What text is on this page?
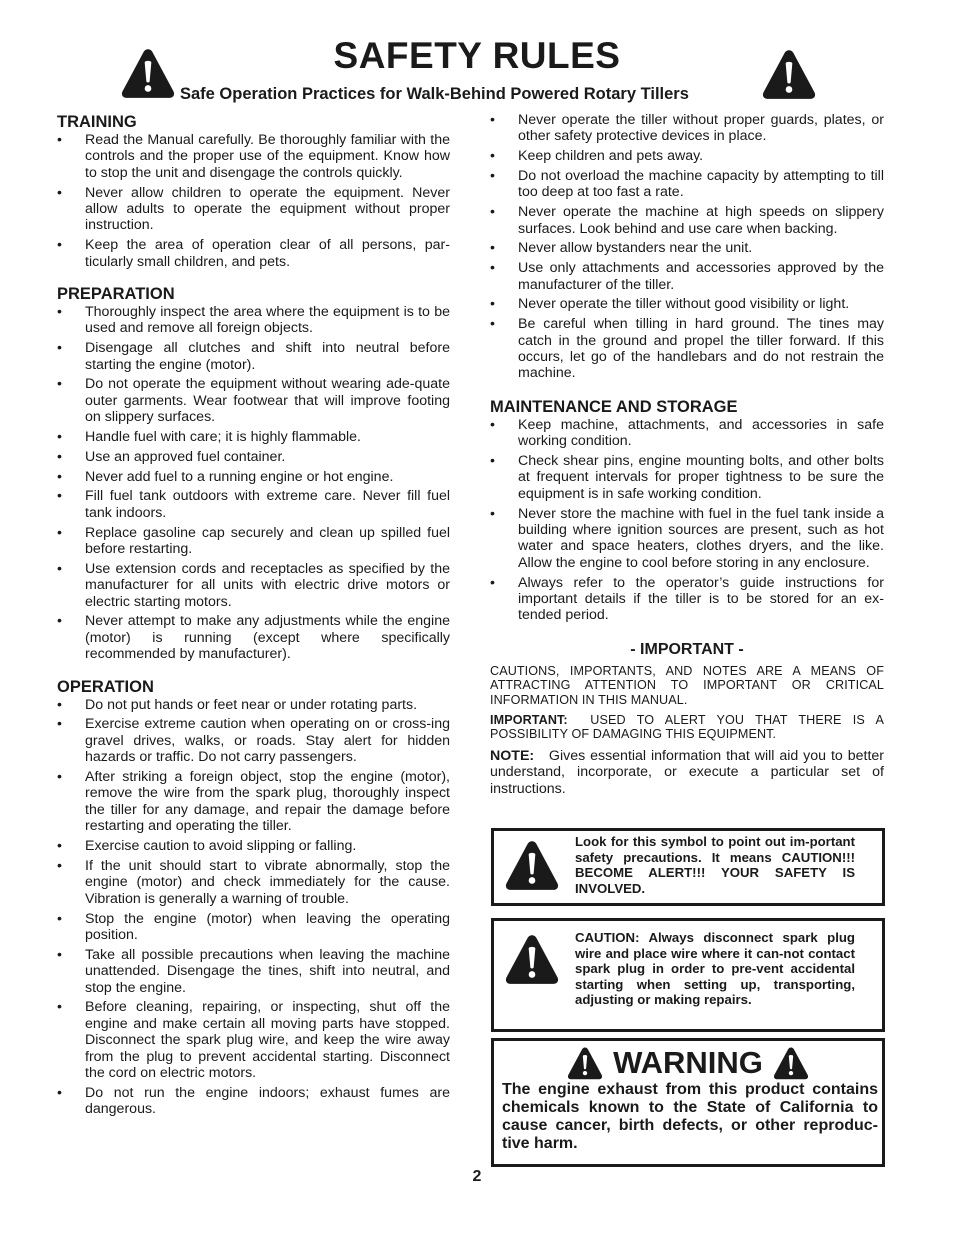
SAFETY RULES
Safe Operation Practices for Walk-Behind Powered Rotary Tillers
TRAINING
• Read the Manual carefully. Be thoroughly familiar with the controls and the proper use of the equipment. Know how to stop the unit and disengage the controls quickly.
• Never allow children to operate the equipment. Never allow adults to operate the equipment without proper instruction.
• Keep the area of operation clear of all persons, par-ticularly small children, and pets.
PREPARATION
• Thoroughly inspect the area where the equipment is to be used and remove all foreign objects.
• Disengage all clutches and shift into neutral before starting the engine (motor).
• Do not operate the equipment without wearing ade-quate outer garments. Wear footwear that will improve footing on slippery surfaces.
• Handle fuel with care; it is highly flammable.
• Use an approved fuel container.
• Never add fuel to a running engine or hot engine.
• Fill fuel tank outdoors with extreme care. Never fill fuel tank indoors.
• Replace gasoline cap securely and clean up spilled fuel before restarting.
• Use extension cords and receptacles as specified by the manufacturer for all units with electric drive motors or electric starting motors.
• Never attempt to make any adjustments while the engine (motor) is running (except where specifically recommended by manufacturer).
OPERATION
• Do not put hands or feet near or under rotating parts.
• Exercise extreme caution when operating on or cross-ing gravel drives, walks, or roads. Stay alert for hidden hazards or traffic. Do not carry passengers.
• After striking a foreign object, stop the engine (motor), remove the wire from the spark plug, thoroughly inspect the tiller for any damage, and repair the damage before restarting and operating the tiller.
• Exercise caution to avoid slipping or falling.
• If the unit should start to vibrate abnormally, stop the engine (motor) and check immediately for the cause. Vibration is generally a warning of trouble.
• Stop the engine (motor) when leaving the operating position.
• Take all possible precautions when leaving the machine unattended. Disengage the tines, shift into neutral, and stop the engine.
• Before cleaning, repairing, or inspecting, shut off the engine and make certain all moving parts have stopped. Disconnect the spark plug wire, and keep the wire away from the plug to prevent accidental starting. Disconnect the cord on electric motors.
• Do not run the engine indoors; exhaust fumes are dangerous.
• Never operate the tiller without proper guards, plates, or other safety protective devices in place.
• Keep children and pets away.
• Do not overload the machine capacity by attempting to till too deep at too fast a rate.
• Never operate the machine at high speeds on slippery surfaces. Look behind and use care when backing.
• Never allow bystanders near the unit.
• Use only attachments and accessories approved by the manufacturer of the tiller.
• Never operate the tiller without good visibility or light.
• Be careful when tilling in hard ground. The tines may catch in the ground and propel the tiller forward. If this occurs, let go of the handlebars and do not restrain the machine.
MAINTENANCE AND STORAGE
• Keep machine, attachments, and accessories in safe working condition.
• Check shear pins, engine mounting bolts, and other bolts at frequent intervals for proper tightness to be sure the equipment is in safe working condition.
• Never store the machine with fuel in the fuel tank inside a building where ignition sources are present, such as hot water and space heaters, clothes dryers, and the like. Allow the engine to cool before storing in any enclosure.
• Always refer to the operator’s guide instructions for important details if the tiller is to be stored for an ex-tended period.
- IMPORTANT -

CAUTIONS, IMPORTANTS, AND NOTES ARE A MEANS OF ATTRACTING ATTENTION TO IMPORTANT OR CRITICAL INFORMATION IN THIS MANUAL.

IMPORTANT: USED TO ALERT YOU THAT THERE IS A POSSIBILITY OF DAMAGING THIS EQUIPMENT.

NOTE: Gives essential information that will aid you to better understand, incorporate, or execute a particular set of instructions.

Look for this symbol to point out im-portant safety precautions. It means CAUTION!!! BECOME ALERT!!! YOUR SAFETY IS INVOLVED.
CAUTION: Always disconnect spark plug wire and place wire where it can-not contact spark plug in order to pre-vent accidental starting when setting up, transporting, adjusting or making repairs.
WARNING
The engine exhaust from this product contains chemicals known to the State of California to cause cancer, birth defects, or other reproduc-tive harm.
2
